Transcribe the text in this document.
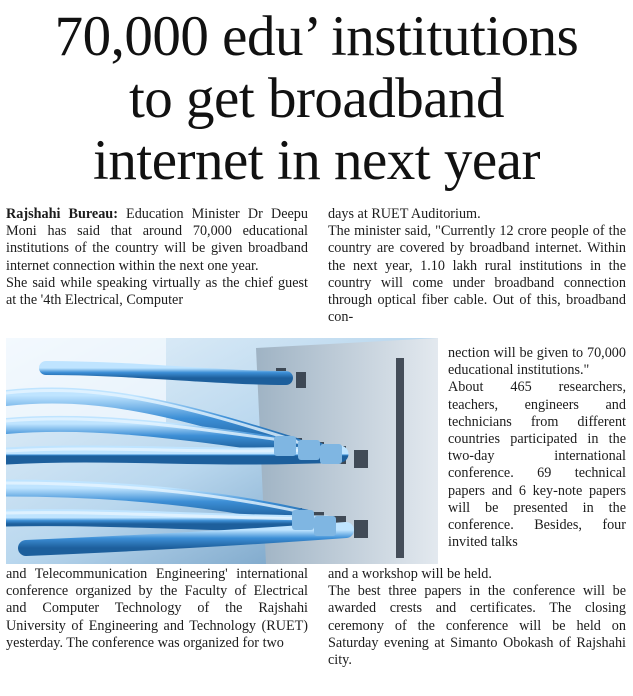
70,000 edu’ institutions
to get broadband
internet in next year

Rajshahi Bureau: Education Minister Dr Deepu Moni has said that around 70,000 educational institutions of the country will be given broadband internet connection within the next one year.

She said while speaking virtually as the chief guest at the '4th Electrical, Computer

and Telecommunication Engineering' international conference organized by the Faculty of Electrical and Computer Technology of the Rajshahi University of Engineering and Technology (RUET) yesterday. The conference was organized for two

days at RUET Auditorium.

The minister said, "Currently 12 crore people of the country are covered by broadband internet. Within the next year, 1.10 lakh rural institutions in the country will come under broadband connection through optical fiber cable. Out of this, broadband con-

nection will be given to 70,000 educational institutions."

About 465 researchers, teachers, engineers and technicians from different countries participated in the two-day international conference. 69 technical papers and 6 key-note papers will be presented in the conference. Besides, four invited talks

and a workshop will be held.

The best three papers in the conference will be awarded crests and certificates. The closing ceremony of the conference will be held on Saturday evening at Simanto Obokash of Rajshahi city.
